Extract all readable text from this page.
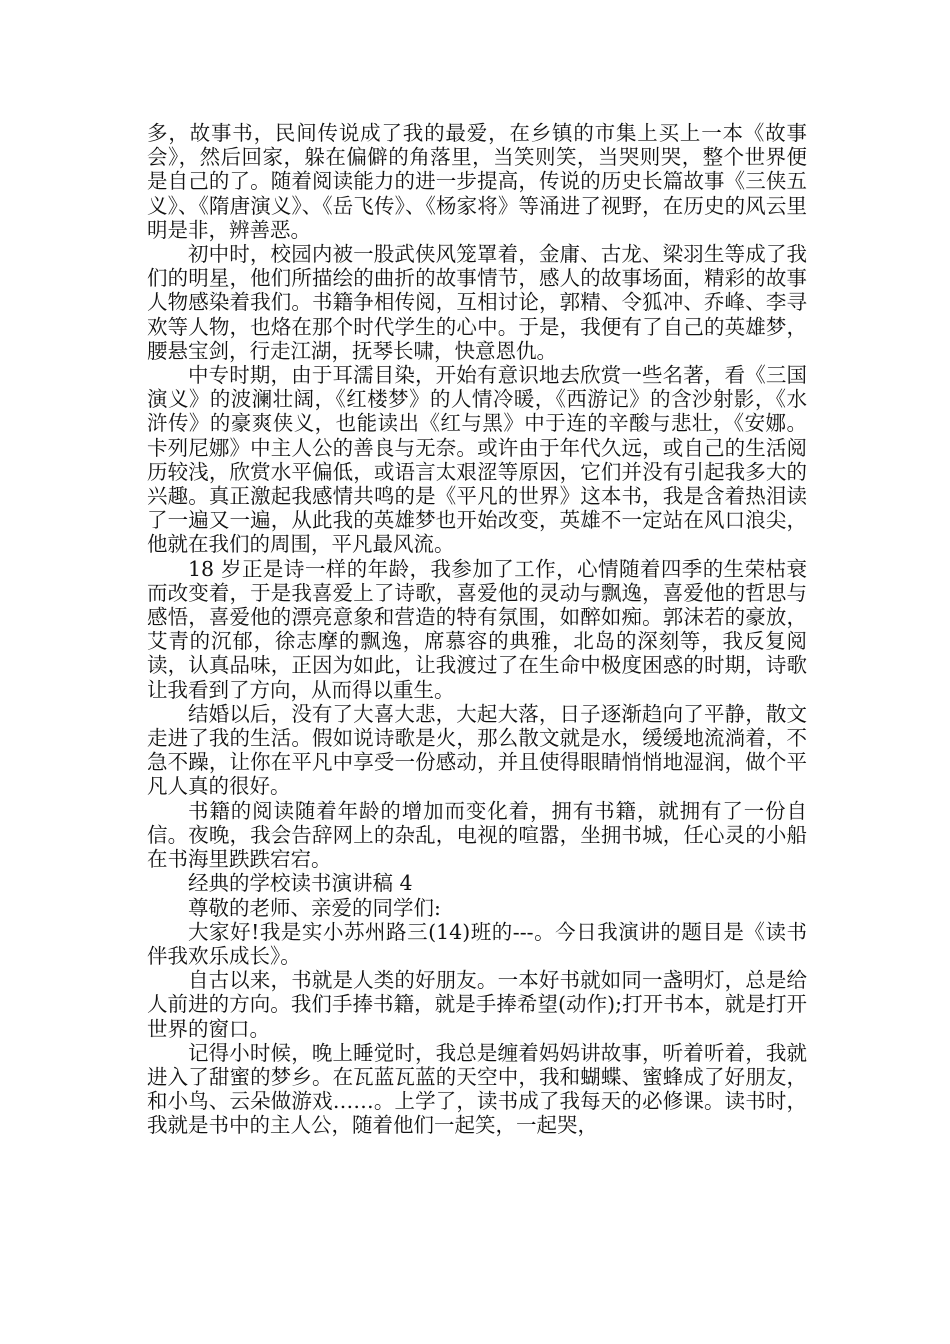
多，故事书，民间传说成了我的最爱，在乡镇的市集上买上一本《故事会》，然后回家，躲在偏僻的角落里，当笑则笑，当哭则哭，整个世界便是自己的了。随着阅读能力的进一步提高，传说的历史长篇故事《三侠五义》、《隋唐演义》、《岳飞传》、《杨家将》等涌进了视野，在历史的风云里明是非，辨善恶。

初中时，校园内被一股武侠风笼罩着，金庸、古龙、梁羽生等成了我们的明星，他们所描绘的曲折的故事情节，感人的故事场面，精彩的故事人物感染着我们。书籍争相传阅，互相讨论，郭精、令狐冲、乔峰、李寻欢等人物，也烙在那个时代学生的心中。于是，我便有了自己的英雄梦，腰悬宝剑，行走江湖，抚琴长啸，快意恩仇。

中专时期，由于耳濡目染，开始有意识地去欣赏一些名著，看《三国演义》的波澜壮阔，《红楼梦》的人情冷暖，《西游记》的含沙射影，《水浒传》的豪爽侠义，也能读出《红与黑》中于连的辛酸与悲壮，《安娜。卡列尼娜》中主人公的善良与无奈。或许由于年代久远，或自己的生活阅历较浅，欣赏水平偏低，或语言太艰涩等原因，它们并没有引起我多大的兴趣。真正激起我感情共鸣的是《平凡的世界》这本书，我是含着热泪读了一遍又一遍，从此我的英雄梦也开始改变，英雄不一定站在风口浪尖，他就在我们的周围，平凡最风流。

18 岁正是诗一样的年龄，我参加了工作，心情随着四季的生荣枯衰而改变着，于是我喜爱上了诗歌，喜爱他的灵动与飘逸，喜爱他的哲思与感悟，喜爱他的漂亮意象和营造的特有氛围，如醉如痴。郭沫若的豪放，艾青的沉郁，徐志摩的飘逸，席慕容的典雅，北岛的深刻等，我反复阅读，认真品味，正因为如此，让我渡过了在生命中极度困惑的时期，诗歌让我看到了方向，从而得以重生。

结婚以后，没有了大喜大悲，大起大落，日子逐渐趋向了平静，散文走进了我的生活。假如说诗歌是火，那么散文就是水，缓缓地流淌着，不急不躁，让你在平凡中享受一份感动，并且使得眼睛悄悄地湿润，做个平凡人真的很好。

书籍的阅读随着年龄的增加而变化着，拥有书籍，就拥有了一份自信。夜晚，我会告辞网上的杂乱，电视的喧嚣，坐拥书城，任心灵的小船在书海里跌跌宕宕。

经典的学校读书演讲稿 4

尊敬的老师、亲爱的同学们:

大家好!我是实小苏州路三(14)班的---。今日我演讲的题目是《读书伴我欢乐成长》。

自古以来，书就是人类的好朋友。一本好书就如同一盏明灯，总是给人前进的方向。我们手捧书籍，就是手捧希望(动作);打开书本，就是打开世界的窗口。

记得小时候，晚上睡觉时，我总是缠着妈妈讲故事，听着听着，我就进入了甜蜜的梦乡。在瓦蓝瓦蓝的天空中，我和蝴蝶、蜜蜂成了好朋友，和小鸟、云朵做游戏……。上学了，读书成了我每天的必修课。读书时，我就是书中的主人公，随着他们一起笑，一起哭，
